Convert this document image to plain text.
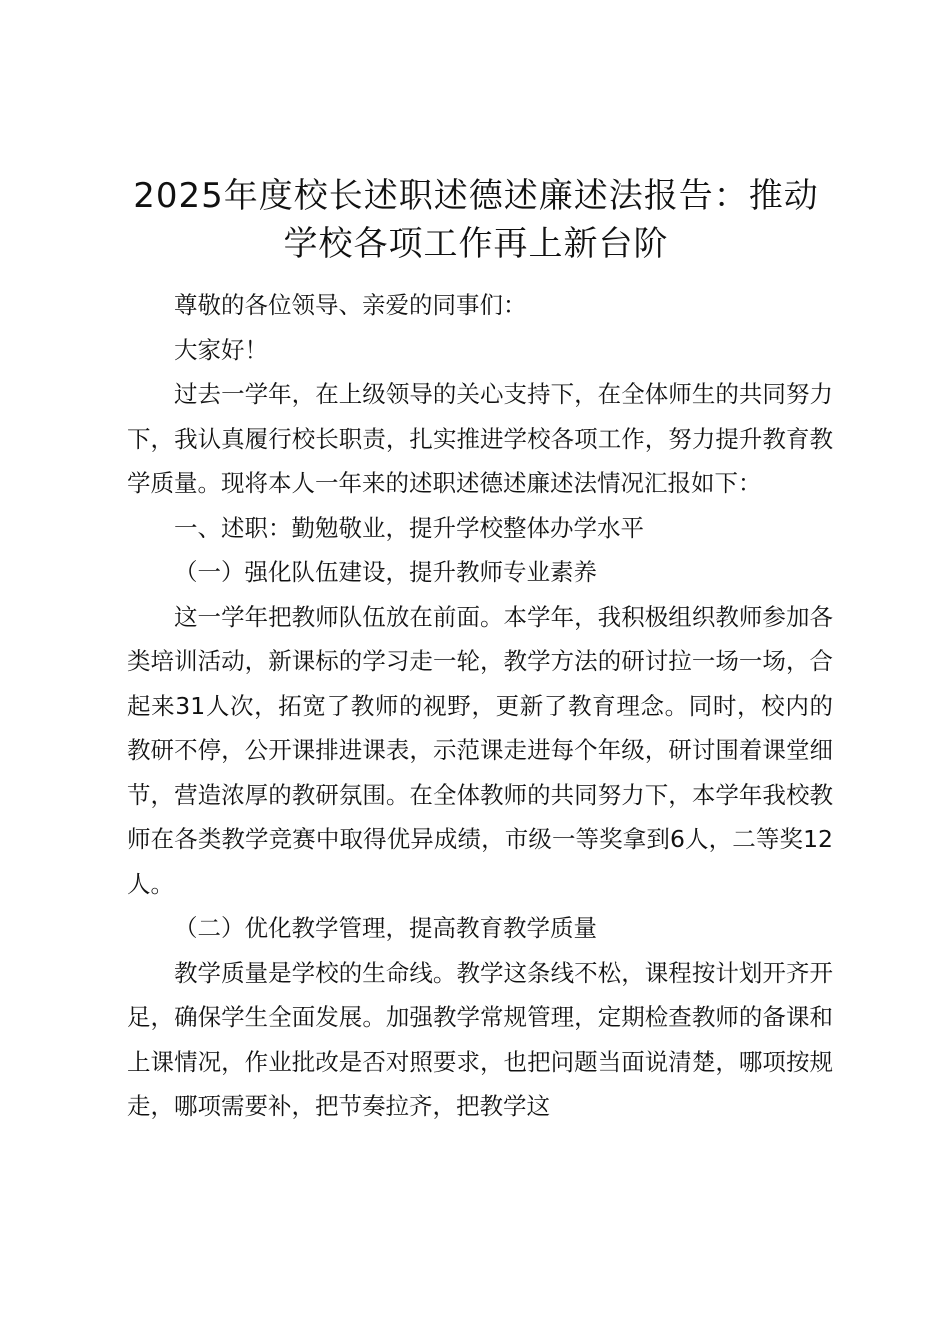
2025年度校长述职述德述廉述法报告：推动学校各项工作再上新台阶

尊敬的各位领导、亲爱的同事们：

大家好！

过去一学年，在上级领导的关心支持下，在全体师生的共同努力下，我认真履行校长职责，扎实推进学校各项工作，努力提升教育教学质量。现将本人一年来的述职述德述廉述法情况汇报如下：

一、述职：勤勉敬业，提升学校整体办学水平

（一）强化队伍建设，提升教师专业素养

这一学年把教师队伍放在前面。本学年，我积极组织教师参加各类培训活动，新课标的学习走一轮，教学方法的研讨拉一场一场，合起来31人次，拓宽了教师的视野，更新了教育理念。同时，校内的教研不停，公开课排进课表，示范课走进每个年级，研讨围着课堂细节，营造浓厚的教研氛围。在全体教师的共同努力下，本学年我校教师在各类教学竞赛中取得优异成绩，市级一等奖拿到6人，二等奖12人。

（二）优化教学管理，提高教育教学质量

教学质量是学校的生命线。教学这条线不松，课程按计划开齐开足，确保学生全面发展。加强教学常规管理，定期检查教师的备课和上课情况，作业批改是否对照要求，也把问题当面说清楚，哪项按规走，哪项需要补，把节奏拉齐，把教学这
